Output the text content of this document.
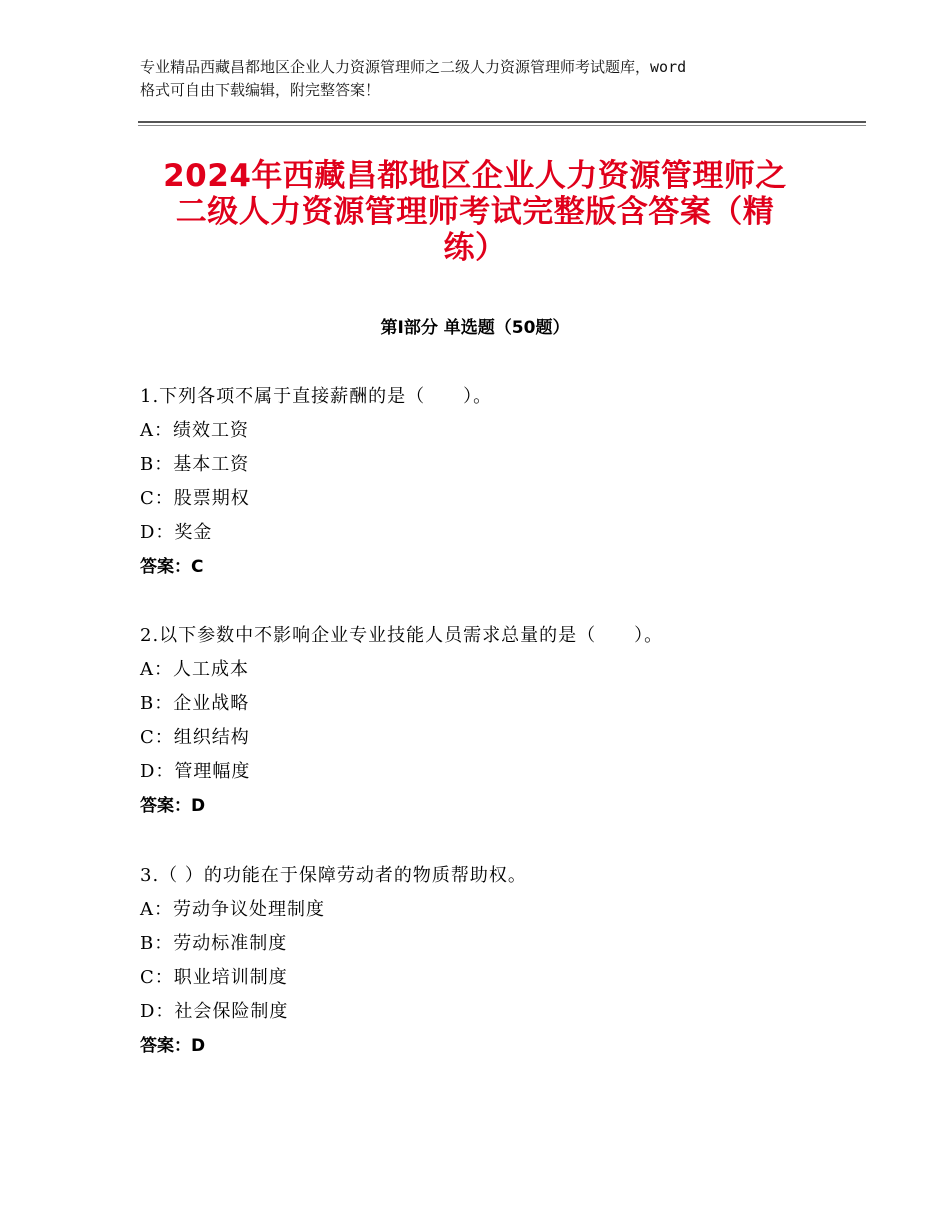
专业精品西藏昌都地区企业人力资源管理师之二级人力资源管理师考试题库，word
格式可自由下载编辑，附完整答案！
2024年西藏昌都地区企业人力资源管理师之
二级人力资源管理师考试完整版含答案（精
练）
第Ⅰ部分 单选题（50题）
1.下列各项不属于直接薪酬的是（　　）。
A：绩效工资
B：基本工资
C：股票期权
D：奖金
答案：C
2.以下参数中不影响企业专业技能人员需求总量的是（　　）。
A：人工成本
B：企业战略
C：组织结构
D：管理幅度
答案：D
3.（ ）的功能在于保障劳动者的物质帮助权。
A：劳动争议处理制度
B：劳动标准制度
C：职业培训制度
D：社会保险制度
答案：D
